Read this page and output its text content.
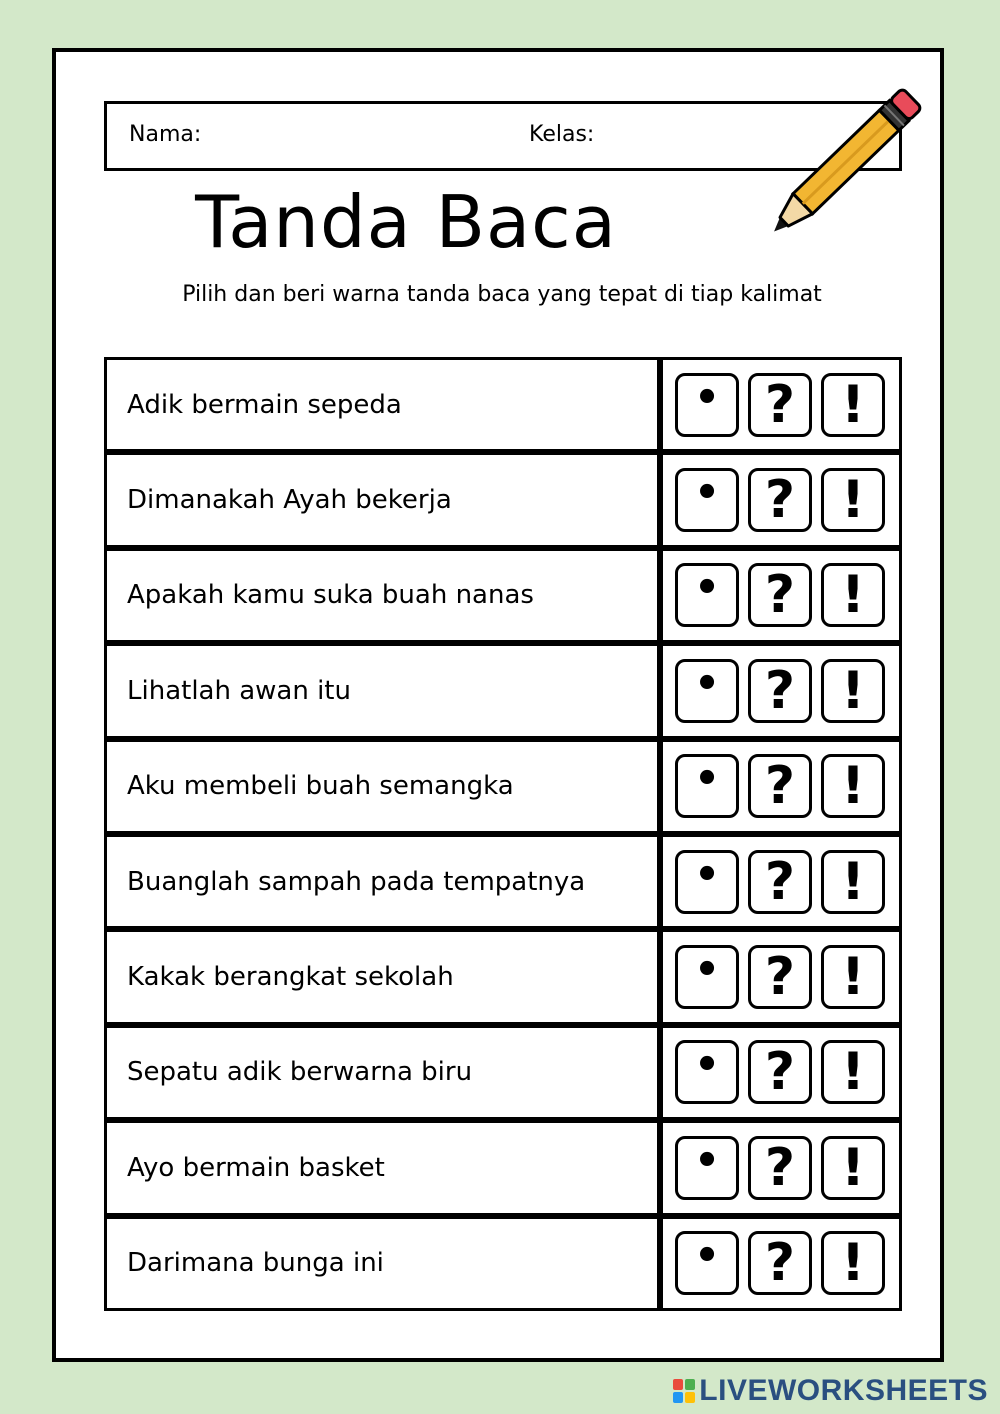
Nama:	Kelas:
Tanda Baca
Pilih dan beri warna tanda baca yang tepat di tiap kalimat
Adik bermain sepeda	• ? !
Dimanakah Ayah bekerja	• ? !
Apakah kamu suka buah nanas	• ? !
Lihatlah awan itu	• ? !
Aku membeli buah semangka	• ? !
Buanglah sampah pada tempatnya	• ? !
Kakak berangkat sekolah	• ? !
Sepatu adik berwarna biru	• ? !
Ayo bermain basket	• ? !
Darimana bunga ini	• ? !
LIVEWORKSHEETS
